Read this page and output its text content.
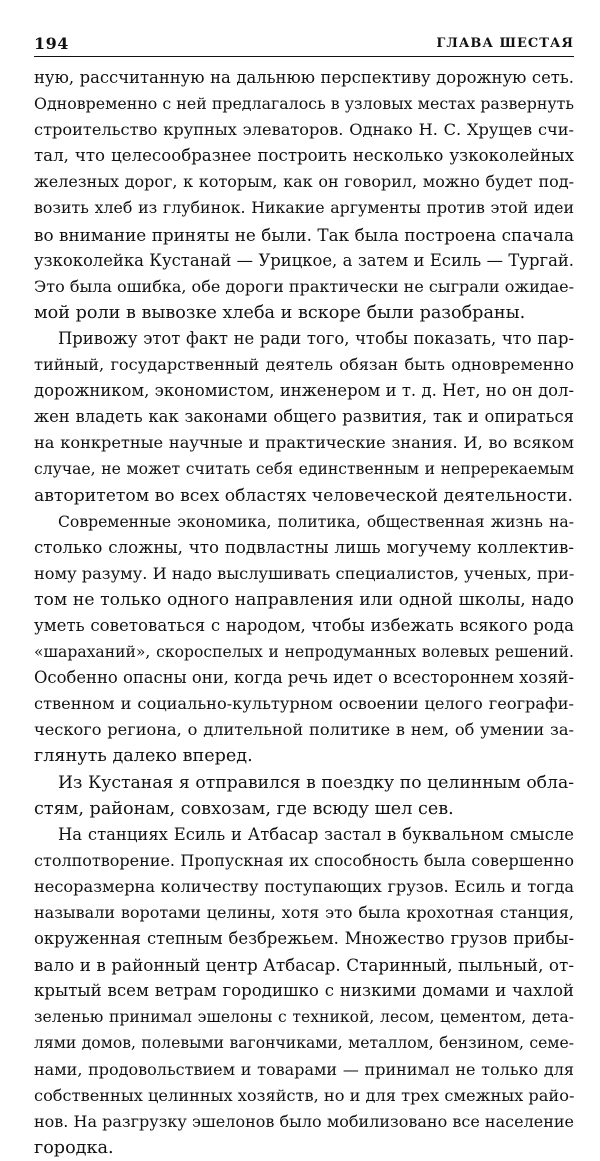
194	ГЛАВА ШЕСТАЯ
ную, рассчитанную на дальнюю перспективу дорожную сеть.
Одновременно с ней предлагалось в узловых местах развернуть
строительство крупных элеваторов. Однако Н. С. Хрущев счи-
тал, что целесообразнее построить несколько узкоколейных
железных дорог, к которым, как он говорил, можно будет под-
возить хлеб из глубинок. Никакие аргументы против этой идеи
во внимание приняты не были. Так была построена спачала
узкоколейка Кустанай — Урицкое, а затем и Есиль — Тургай.
Это была ошибка, обе дороги практически не сыграли ожидае-
мой роли в вывозке хлеба и вскоре были разобраны.
Привожу этот факт не ради того, чтобы показать, что пар-
тийный, государственный деятель обязан быть одновременно
дорожником, экономистом, инженером и т. д. Нет, но он дол-
жен владеть как законами общего развития, так и опираться
на конкретные научные и практические знания. И, во всяком
случае, не может считать себя единственным и непререкаемым
авторитетом во всех областях человеческой деятельности.
Современные экономика, политика, общественная жизнь на-
столько сложны, что подвластны лишь могучему коллектив-
ному разуму. И надо выслушивать специалистов, ученых, при-
том не только одного направления или одной школы, надо
уметь советоваться с народом, чтобы избежать всякого рода
«шараханий», скороспелых и непродуманных волевых решений.
Особенно опасны они, когда речь идет о всестороннем хозяй-
ственном и социально-культурном освоении целого географи-
ческого региона, о длительной политике в нем, об умении за-
глянуть далеко вперед.
Из Кустаная я отправился в поездку по целинным обла-
стям, районам, совхозам, где всюду шел сев.
На станциях Есиль и Атбасар застал в буквальном смысле
столпотворение. Пропускная их способность была совершенно
несоразмерна количеству поступающих грузов. Есиль и тогда
называли воротами целины, хотя это была крохотная станция,
окруженная степным безбрежьем. Множество грузов прибы-
вало и в районный центр Атбасар. Старинный, пыльный, от-
крытый всем ветрам городишко с низкими домами и чахлой
зеленью принимал эшелоны с техникой, лесом, цементом, дета-
лями домов, полевыми вагончиками, металлом, бензином, семе-
нами, продовольствием и товарами — принимал не только для
собственных целинных хозяйств, но и для трех смежных райо-
нов. На разгрузку эшелонов было мобилизовано все население
городка.
